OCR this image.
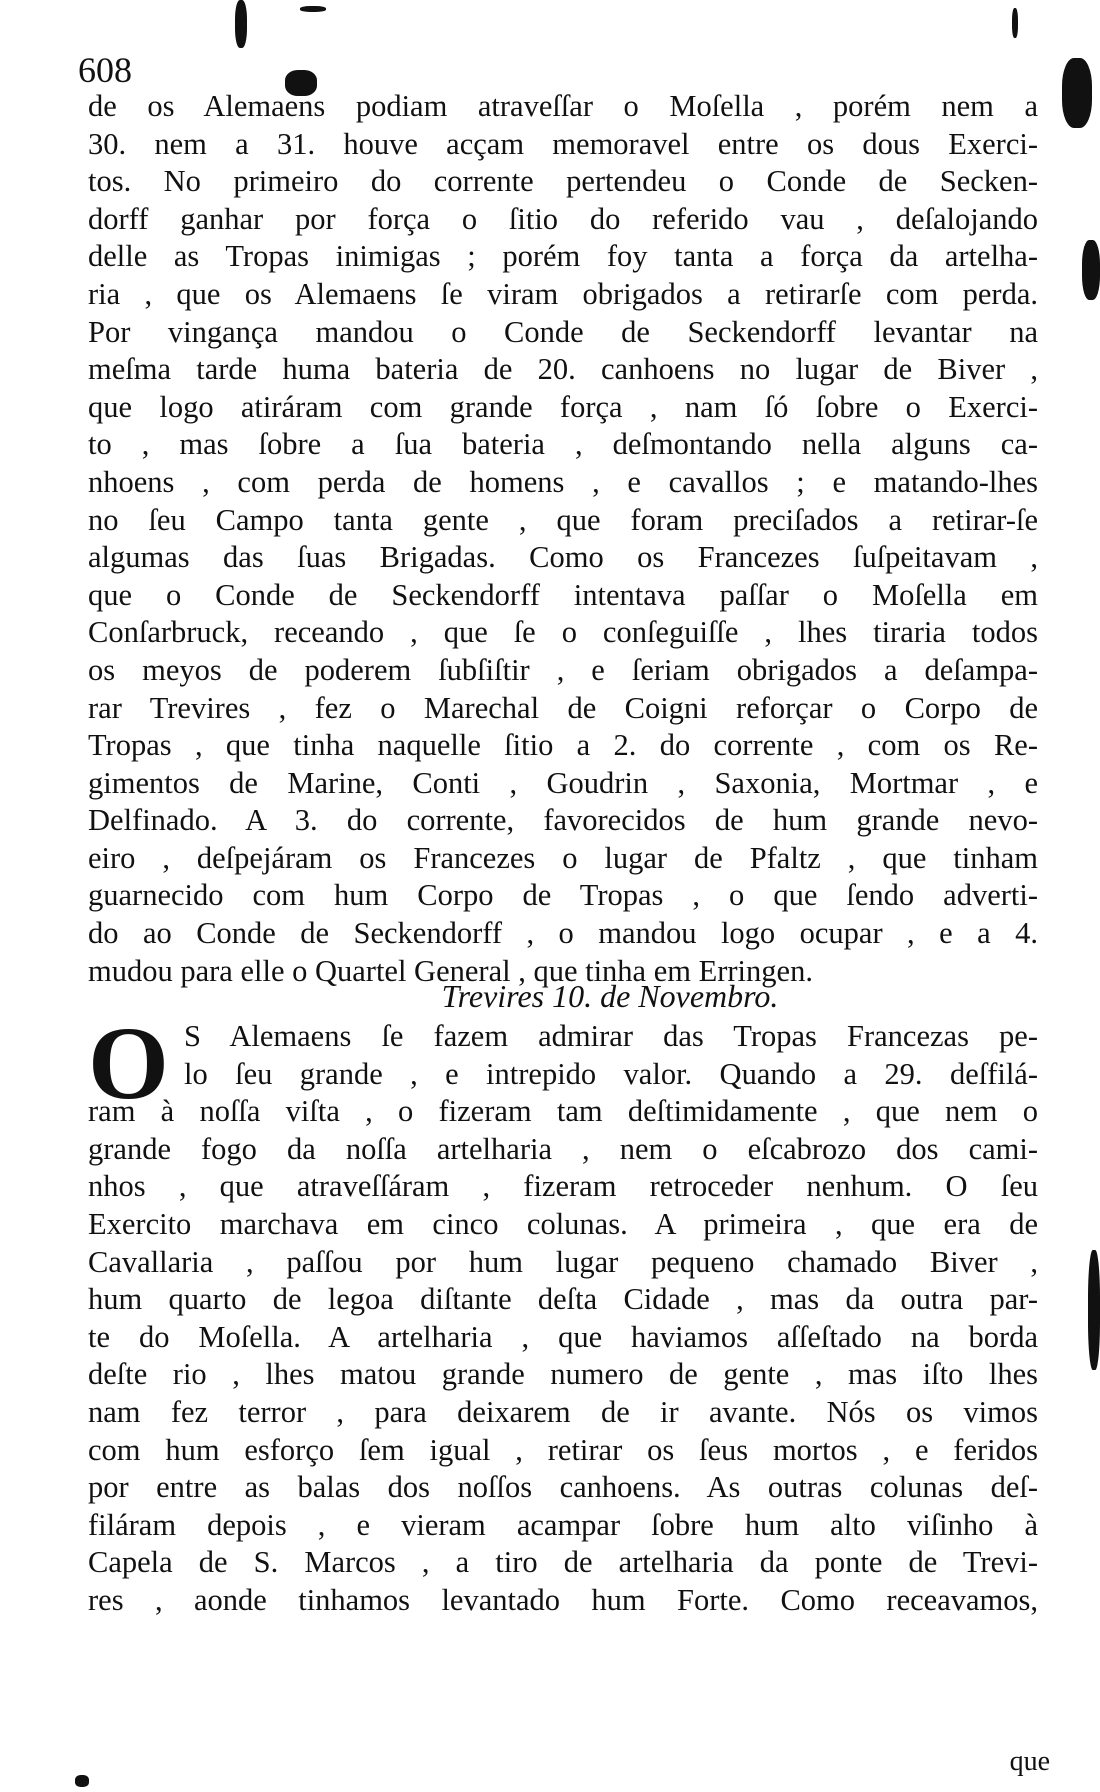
608
de os Alemaens podiam atraveſſar o Moſella , porém nem a
30. nem a 31. houve acçam memoravel entre os dous Exerci-
tos. No primeiro do corrente pertendeu o Conde de Secken-
dorff ganhar por força o ſitio do referido vau , deſalojando
delle as Tropas inimigas ; porém foy tanta a força da artelha-
ria , que os Alemaens ſe viram obrigados a retirarſe com perda.
Por vingança mandou o Conde de Seckendorff levantar na
meſma tarde huma bateria de 20. canhoens no lugar de Biver ,
que logo atiráram com grande força , nam ſó ſobre o Exerci-
to , mas ſobre a ſua bateria , deſmontando nella alguns ca-
nhoens , com perda de homens , e cavallos ; e matando-lhes
no ſeu Campo tanta gente , que foram preciſados a retirar-ſe
algumas das ſuas Brigadas. Como os Francezes ſuſpeitavam ,
que o Conde de Seckendorff intentava paſſar o Moſella em
Conſarbruck, receando , que ſe o conſeguiſſe , lhes tiraria todos
os meyos de poderem ſubſiſtir , e ſeriam obrigados a deſampa-
rar Trevires , fez o Marechal de Coigni reforçar o Corpo de
Tropas , que tinha naquelle ſitio a 2. do corrente , com os Re-
gimentos de Marine, Conti , Goudrin , Saxonia, Mortmar , e
Delfinado. A 3. do corrente, favorecidos de hum grande nevo-
eiro , deſpejáram os Francezes o lugar de Pfaltz , que tinham
guarnecido com hum Corpo de Tropas , o que ſendo adverti-
do ao Conde de Seckendorff , o mandou logo ocupar , e a 4.
mudou para elle o Quartel General , que tinha em Erringen.
Trevires 10. de Novembro.
O S Alemaens ſe fazem admirar das Tropas Francezas pe-
lo ſeu grande , e intrepido valor. Quando a 29. deſfilá-
ram à noſſa viſta , o fizeram tam deſtimidamente , que nem o
grande fogo da noſſa artelharia , nem o eſcabrozo dos cami-
nhos , que atraveſſáram , fizeram retroceder nenhum. O ſeu
Exercito marchava em cinco colunas. A primeira , que era de
Cavallaria , paſſou por hum lugar pequeno chamado Biver ,
hum quarto de legoa diſtante deſta Cidade , mas da outra par-
te do Moſella. A artelharia , que haviamos aſſeſtado na borda
deſte rio , lhes matou grande numero de gente , mas iſto lhes
nam fez terror , para deixarem de ir avante. Nós os vimos
com hum esforço ſem igual , retirar os ſeus mortos , e feridos
por entre as balas dos noſſos canhoens. As outras colunas deſ-
filáram depois , e vieram acampar ſobre hum alto viſinho à
Capela de S. Marcos , a tiro de artelharia da ponte de Trevi-
res , aonde tinhamos levantado hum Forte. Como receavamos,
que
